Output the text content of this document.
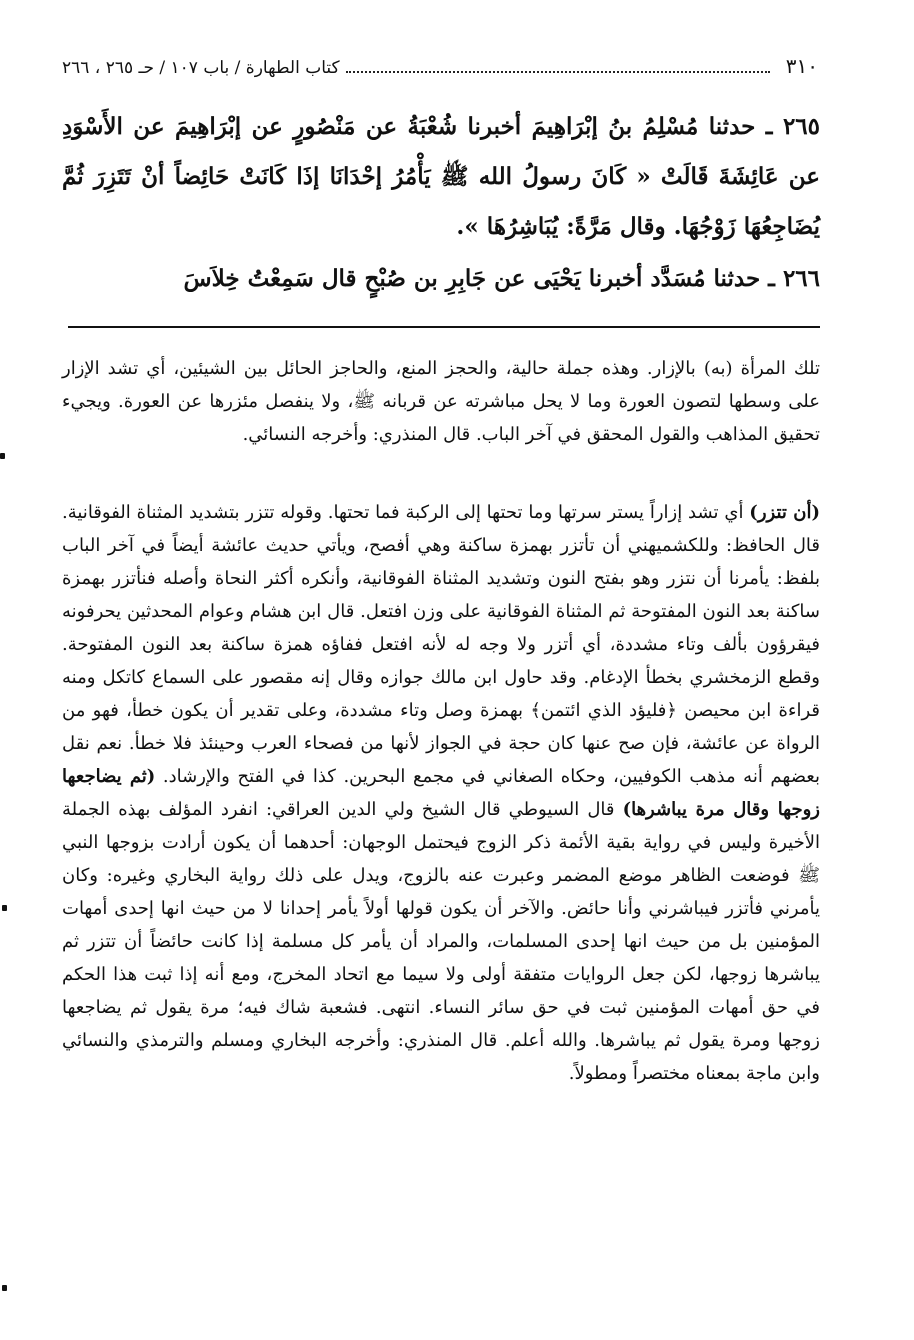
٣١٠
كتاب الطهارة / باب ١٠٧ / حـ ٢٦٥ ، ٢٦٦
٢٦٥ ـ حدثنا مُسْلِمُ بنُ إبْرَاهِيمَ أخبرنا شُعْبَةُ عن مَنْصُورٍ عن إبْرَاهِيمَ عن الأَسْوَدِ عن عَائِشَةَ قَالَتْ « كَانَ رسولُ الله ﷺ يَأْمُرُ إحْدَانَا إذَا كَانَتْ حَائِضاً أنْ تَتَزِرَ ثُمَّ يُضَاجِعُهَا زَوْجُهَا. وقال مَرَّةً: يُبَاشِرُهَا ».
٢٦٦ ـ حدثنا مُسَدَّد أخبرنا يَحْيَى عن جَابِرِ بن صُبْحٍ قال سَمِعْتُ خِلاَسَ
تلك المرأة (به) بالإزار. وهذه جملة حالية، والحجز المنع، والحاجز الحائل بين الشيئين، أي تشد الإزار على وسطها لتصون العورة وما لا يحل مباشرته عن قربانه ﷺ، ولا ينفصل مئزرها عن العورة. ويجيء تحقيق المذاهب والقول المحقق في آخر الباب. قال المنذري: وأخرجه النسائي.
(أن تتزر) أي تشد إزاراً يستر سرتها وما تحتها إلى الركبة فما تحتها. وقوله تتزر بتشديد المثناة الفوقانية. قال الحافظ: وللكشميهني أن تأتزر بهمزة ساكنة وهي أفصح، ويأتي حديث عائشة أيضاً في آخر الباب بلفظ: يأمرنا أن نتزر وهو بفتح النون وتشديد المثناة الفوقانية، وأنكره أكثر النحاة وأصله فنأتزر بهمزة ساكنة بعد النون المفتوحة ثم المثناة الفوقانية على وزن افتعل. قال ابن هشام وعوام المحدثين يحرفونه فيقرؤون بألف وتاء مشددة، أي أتزر ولا وجه له لأنه افتعل ففاؤه همزة ساكنة بعد النون المفتوحة. وقطع الزمخشري بخطأ الإدغام. وقد حاول ابن مالك جوازه وقال إنه مقصور على السماع كاتكل ومنه قراءة ابن محيصن ﴿فليؤد الذي ائتمن﴾ بهمزة وصل وتاء مشددة، وعلى تقدير أن يكون خطأ، فهو من الرواة عن عائشة، فإن صح عنها كان حجة في الجواز لأنها من فصحاء العرب وحينئذ فلا خطأ. نعم نقل بعضهم أنه مذهب الكوفيين، وحكاه الصغاني في مجمع البحرين. كذا في الفتح والإرشاد. (ثم يضاجعها زوجها وقال مرة يباشرها) قال السيوطي قال الشيخ ولي الدين العراقي: انفرد المؤلف بهذه الجملة الأخيرة وليس في رواية بقية الأئمة ذكر الزوج فيحتمل الوجهان: أحدهما أن يكون أرادت بزوجها النبي ﷺ فوضعت الظاهر موضع المضمر وعبرت عنه بالزوج، ويدل على ذلك رواية البخاري وغيره: وكان يأمرني فأتزر فيباشرني وأنا حائض. والآخر أن يكون قولها أولاً يأمر إحدانا لا من حيث انها إحدى أمهات المؤمنين بل من حيث انها إحدى المسلمات، والمراد أن يأمر كل مسلمة إذا كانت حائضاً أن تتزر ثم يباشرها زوجها، لكن جعل الروايات متفقة أولى ولا سيما مع اتحاد المخرج، ومع أنه إذا ثبت هذا الحكم في حق أمهات المؤمنين ثبت في حق سائر النساء. انتهى. فشعبة شاك فيه؛ مرة يقول ثم يضاجعها زوجها ومرة يقول ثم يباشرها. والله أعلم. قال المنذري: وأخرجه البخاري ومسلم والترمذي والنسائي وابن ماجة بمعناه مختصراً ومطولاً.
